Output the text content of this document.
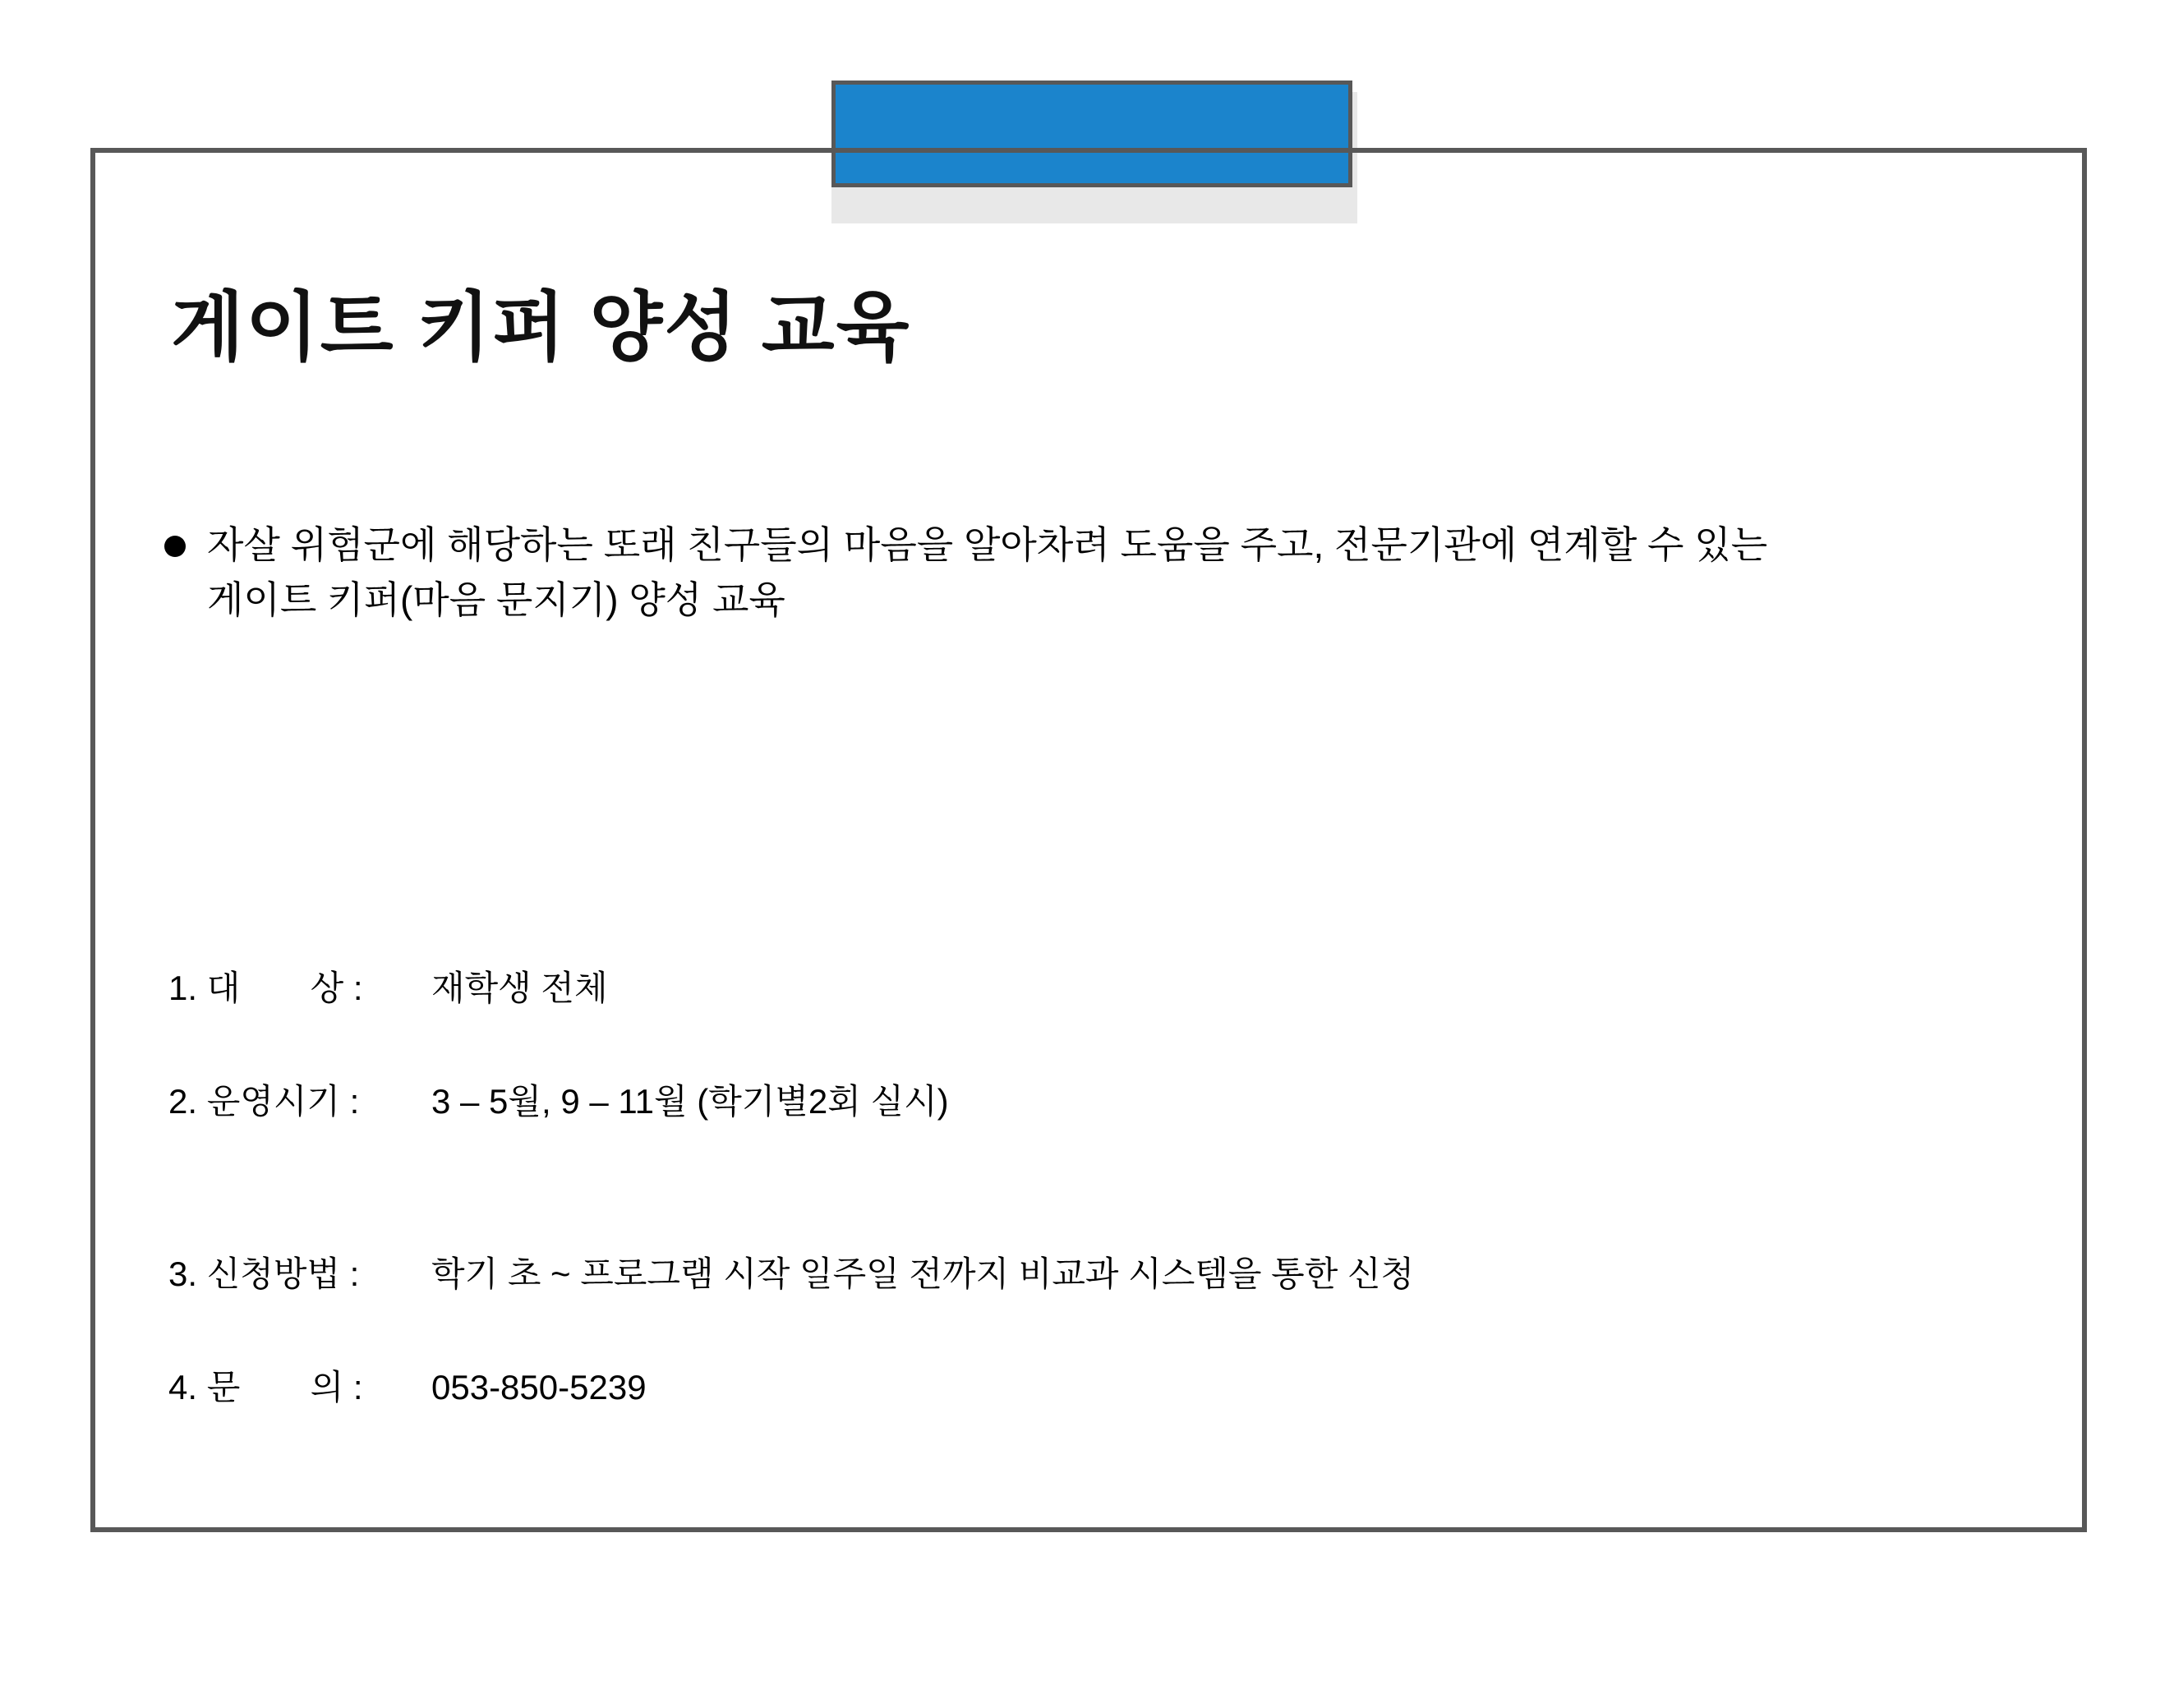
게이트 키퍼 양성 교육
자살 위험군에 해당하는 또래 친구들의 마음을 알아차려 도움을 주고, 전문기관에 연계할 수 있는
게이트 키퍼(마음 문지기) 양성 교육
1. 대 상 :	재학생 전체
2. 운영시기 :	3 – 5월, 9 – 11월 (학기별2회 실시)
3. 신청방법 :	학기 초 ~ 프로그램 시작 일주일 전까지 비교과 시스템을 통한 신청
4. 문 의 :	053-850-5239
